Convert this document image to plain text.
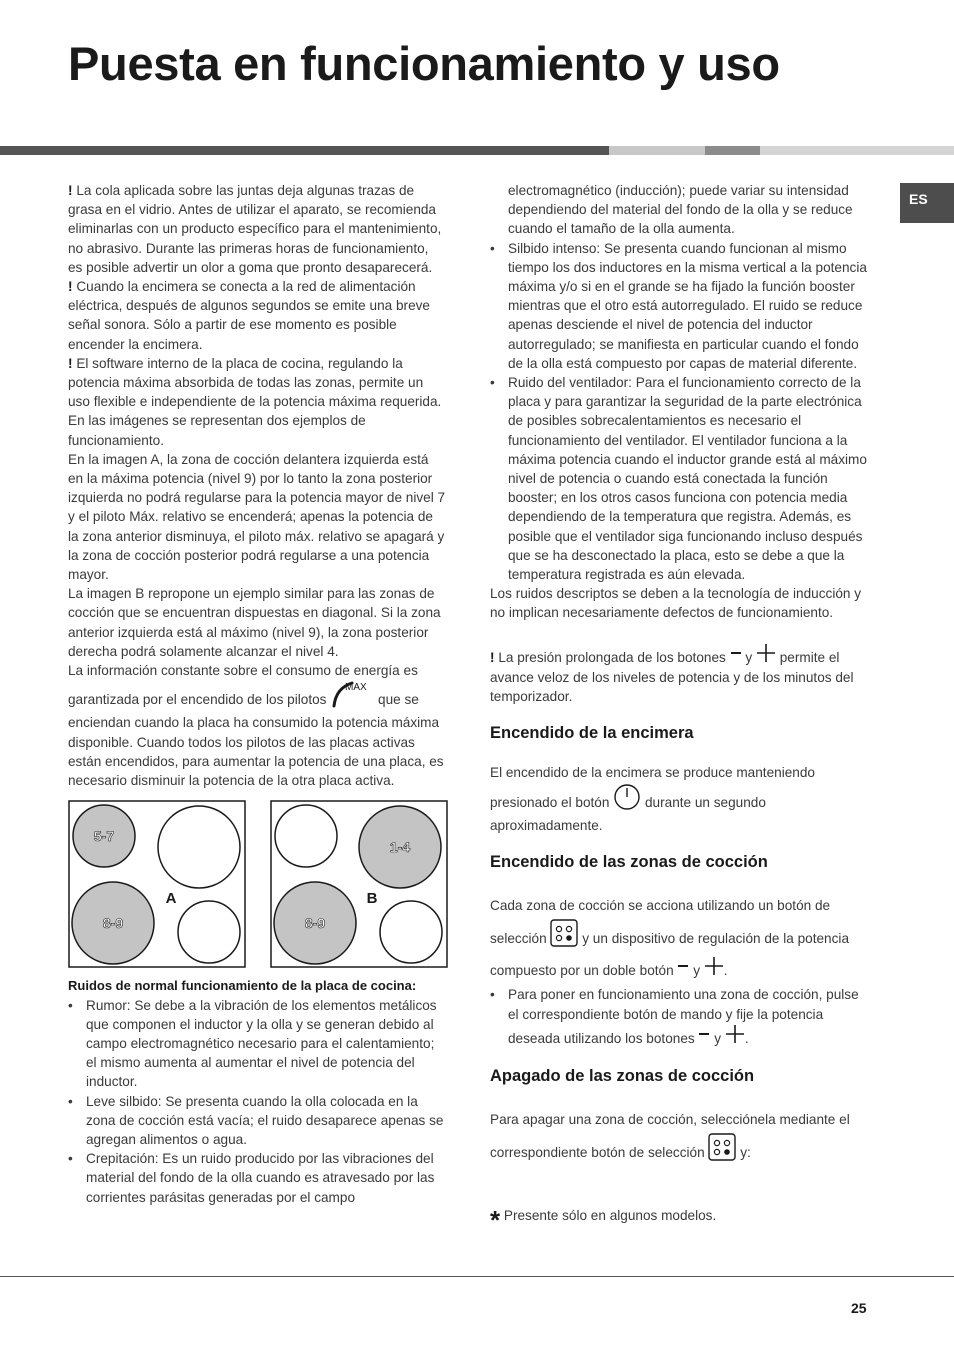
Puesta en funcionamiento y uso
ES

! La cola aplicada sobre las juntas deja algunas trazas de grasa en el vidrio. Antes de utilizar el aparato, se recomienda eliminarlas con un producto específico para el mantenimiento, no abrasivo. Durante las primeras horas de funcionamiento, es posible advertir un olor a goma que pronto desaparecerá.

! Cuando la encimera se conecta a la red de alimentación eléctrica, después de algunos segundos se emite una breve señal sonora. Sólo a partir de ese momento es posible encender la encimera.

! El software interno de la placa de cocina, regulando la potencia máxima absorbida de todas las zonas, permite un uso flexible e independiente de la potencia máxima requerida. En las imágenes se representan dos ejemplos de funcionamiento.

En la imagen A, la zona de cocción delantera izquierda está en la máxima potencia (nivel 9) por lo tanto la zona posterior izquierda no podrá regularse para la potencia mayor de nivel 7 y el piloto Máx. relativo se encenderá; apenas la potencia de la zona anterior disminuya, el piloto máx. relativo se apagará y la zona de cocción posterior podrá regularse a una potencia mayor.

La imagen B repropone un ejemplo similar para las zonas de cocción que se encuentran dispuestas en diagonal. Si la zona anterior izquierda está al máximo (nivel 9), la zona posterior derecha podrá solamente alcanzar el nivel 4.

La información constante sobre el consumo de energía es garantizada por el encendido de los pilotos
MAX
que se enciendan cuando la placa ha consumido la potencia máxima disponible. Cuando todos los pilotos de las placas activas están encendidos, para aumentar la potencia de una placa, es necesario disminuir la potencia de la otra placa activa.

5-7
8-9
A
1-4
8-9
B

Ruidos de normal funcionamiento de la placa de cocina:

• Rumor: Se debe a la vibración de los elementos metálicos que componen el inductor y la olla y se generan debido al campo electromagnético necesario para el calentamiento; el mismo aumenta al aumentar el nivel de potencia del inductor.

• Leve silbido: Se presenta cuando la olla colocada en la zona de cocción está vacía; el ruido desaparece apenas se agregan alimentos o agua.

• Crepitación: Es un ruido producido por las vibraciones del material del fondo de la olla cuando es atravesado por las corrientes parásitas generadas por el campo

electromagnético (inducción); puede variar su intensidad dependiendo del material del fondo de la olla y se reduce cuando el tamaño de la olla aumenta.

• Silbido intenso: Se presenta cuando funcionan al mismo tiempo los dos inductores en la misma vertical a la potencia máxima y/o si en el grande se ha fijado la función booster mientras que el otro está autorregulado. El ruido se reduce apenas desciende el nivel de potencia del inductor autorregulado; se manifiesta en particular cuando el fondo de la olla está compuesto por capas de material diferente.

• Ruido del ventilador: Para el funcionamiento correcto de la placa y para garantizar la seguridad de la parte electrónica de posibles sobrecalentamientos es necesario el funcionamiento del ventilador. El ventilador funciona a la máxima potencia cuando el inductor grande está al máximo nivel de potencia o cuando está conectada la función booster; en los otros casos funciona con potencia media dependiendo de la temperatura que registra. Además, es posible que el ventilador siga funcionando incluso después que se ha desconectado la placa, esto se debe a que la temperatura registrada es aún elevada.

Los ruidos descriptos se deben a la tecnología de inducción y no implican necesariamente defectos de funcionamiento.

! La presión prolongada de los botones y permite el avance veloz de los niveles de potencia y de los minutos del temporizador.

Encendido de la encimera

El encendido de la encimera se produce manteniendo presionado el botón	durante un segundo aproximadamente.

Encendido de las zonas de cocción

Cada zona de cocción se acciona utilizando un botón de selección	y un dispositivo de regulación de la potencia compuesto por un doble botón y .

• Para poner en funcionamiento una zona de cocción, pulse el correspondiente botón de mando y fije la potencia deseada utilizando los botones y .

Apagado de las zonas de cocción

Para apagar una zona de cocción, selecciónela mediante el correspondiente botón de selección	y:

* Presente sólo en algunos modelos.

25
